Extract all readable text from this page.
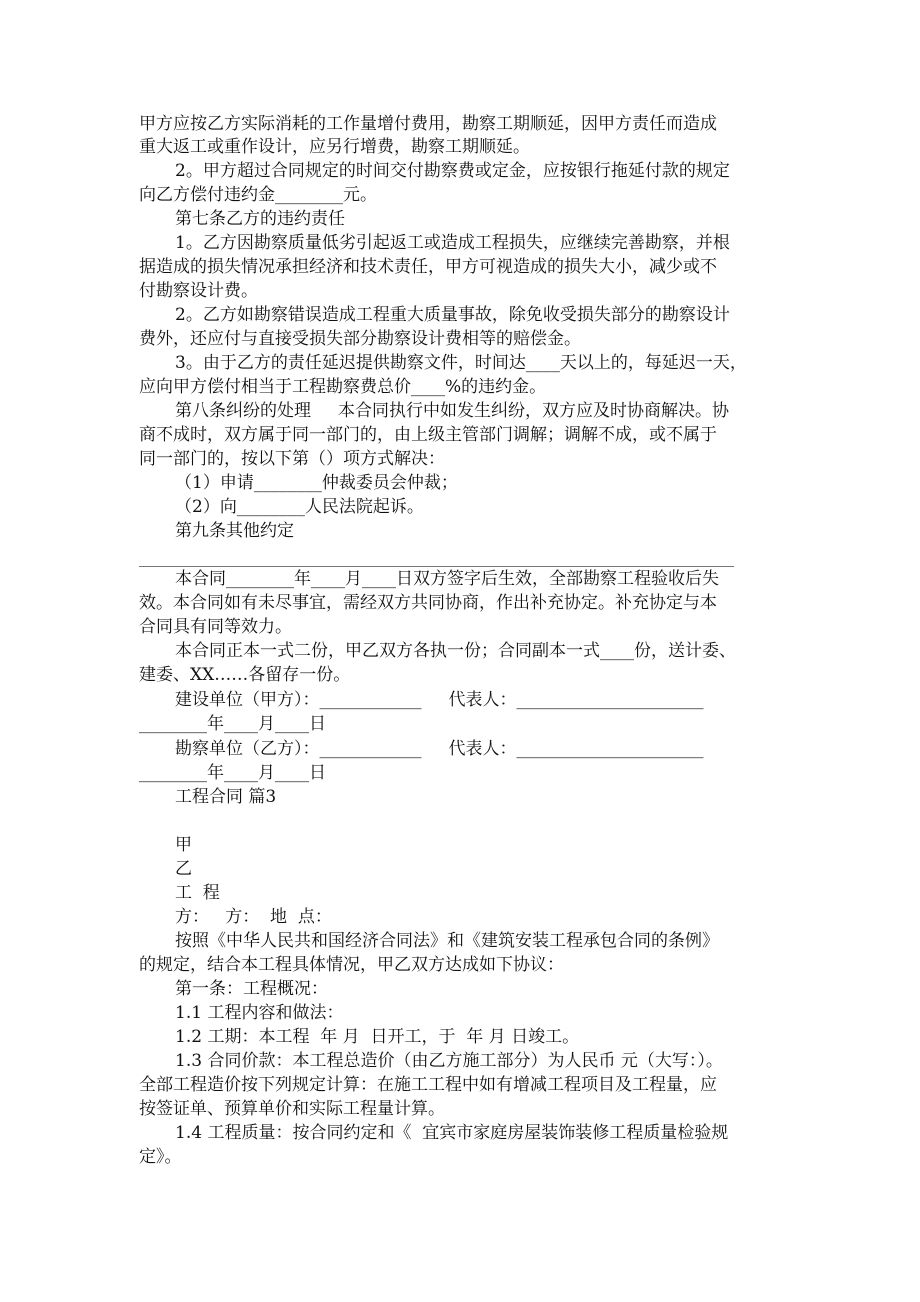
甲方应按乙方实际消耗的工作量增付费用，勘察工期顺延，因甲方责任而造成
重大返工或重作设计，应另行增费，勘察工期顺延。
2。甲方超过合同规定的时间交付勘察费或定金，应按银行拖延付款的规定
向乙方偿付违约金________元。
第七条乙方的违约责任
1。乙方因勘察质量低劣引起返工或造成工程损失，应继续完善勘察，并根
据造成的损失情况承担经济和技术责任，甲方可视造成的损失大小，减少或不
付勘察设计费。
2。乙方如勘察错误造成工程重大质量事故，除免收受损失部分的勘察设计
费外，还应付与直接受损失部分勘察设计费相等的赔偿金。
3。由于乙方的责任延迟提供勘察文件，时间达____天以上的，每延迟一天，
应向甲方偿付相当于工程勘察费总价____%的违约金。
第八条纠纷的处理     本合同执行中如发生纠纷，双方应及时协商解决。协
商不成时，双方属于同一部门的，由上级主管部门调解；调解不成，或不属于
同一部门的，按以下第（）项方式解决：
（1）申请________仲裁委员会仲裁；
（2）向________人民法院起诉。
第九条其他约定
本合同________年____月____日双方签字后生效，全部勘察工程验收后失
效。本合同如有未尽事宜，需经双方共同协商，作出补充协定。补充协定与本
合同具有同等效力。
本合同正本一式二份，甲乙双方各执一份；合同副本一式____份，送计委、
建委、XX……各留存一份。
建设单位（甲方）：____________     代表人：______________________
________年____月____日
勘察单位（乙方）：____________     代表人：______________________
________年____月____日
工程合同 篇3
甲
乙
工  程
方：   方：  地  点：
按照《中华人民共和国经济合同法》和《建筑安装工程承包合同的条例》
的规定，结合本工程具体情况，甲乙双方达成如下协议：
第一条：工程概况：
1.1 工程内容和做法：
1.2 工期：本工程  年 月  日开工，于  年 月 日竣工。
1.3 合同价款：本工程总造价（由乙方施工部分）为人民币 元（大写：）。
全部工程造价按下列规定计算：在施工工程中如有增减工程项目及工程量，应
按签证单、预算单价和实际工程量计算。
1.4 工程质量：按合同约定和《  宜宾市家庭房屋装饰装修工程质量检验规
定》。
